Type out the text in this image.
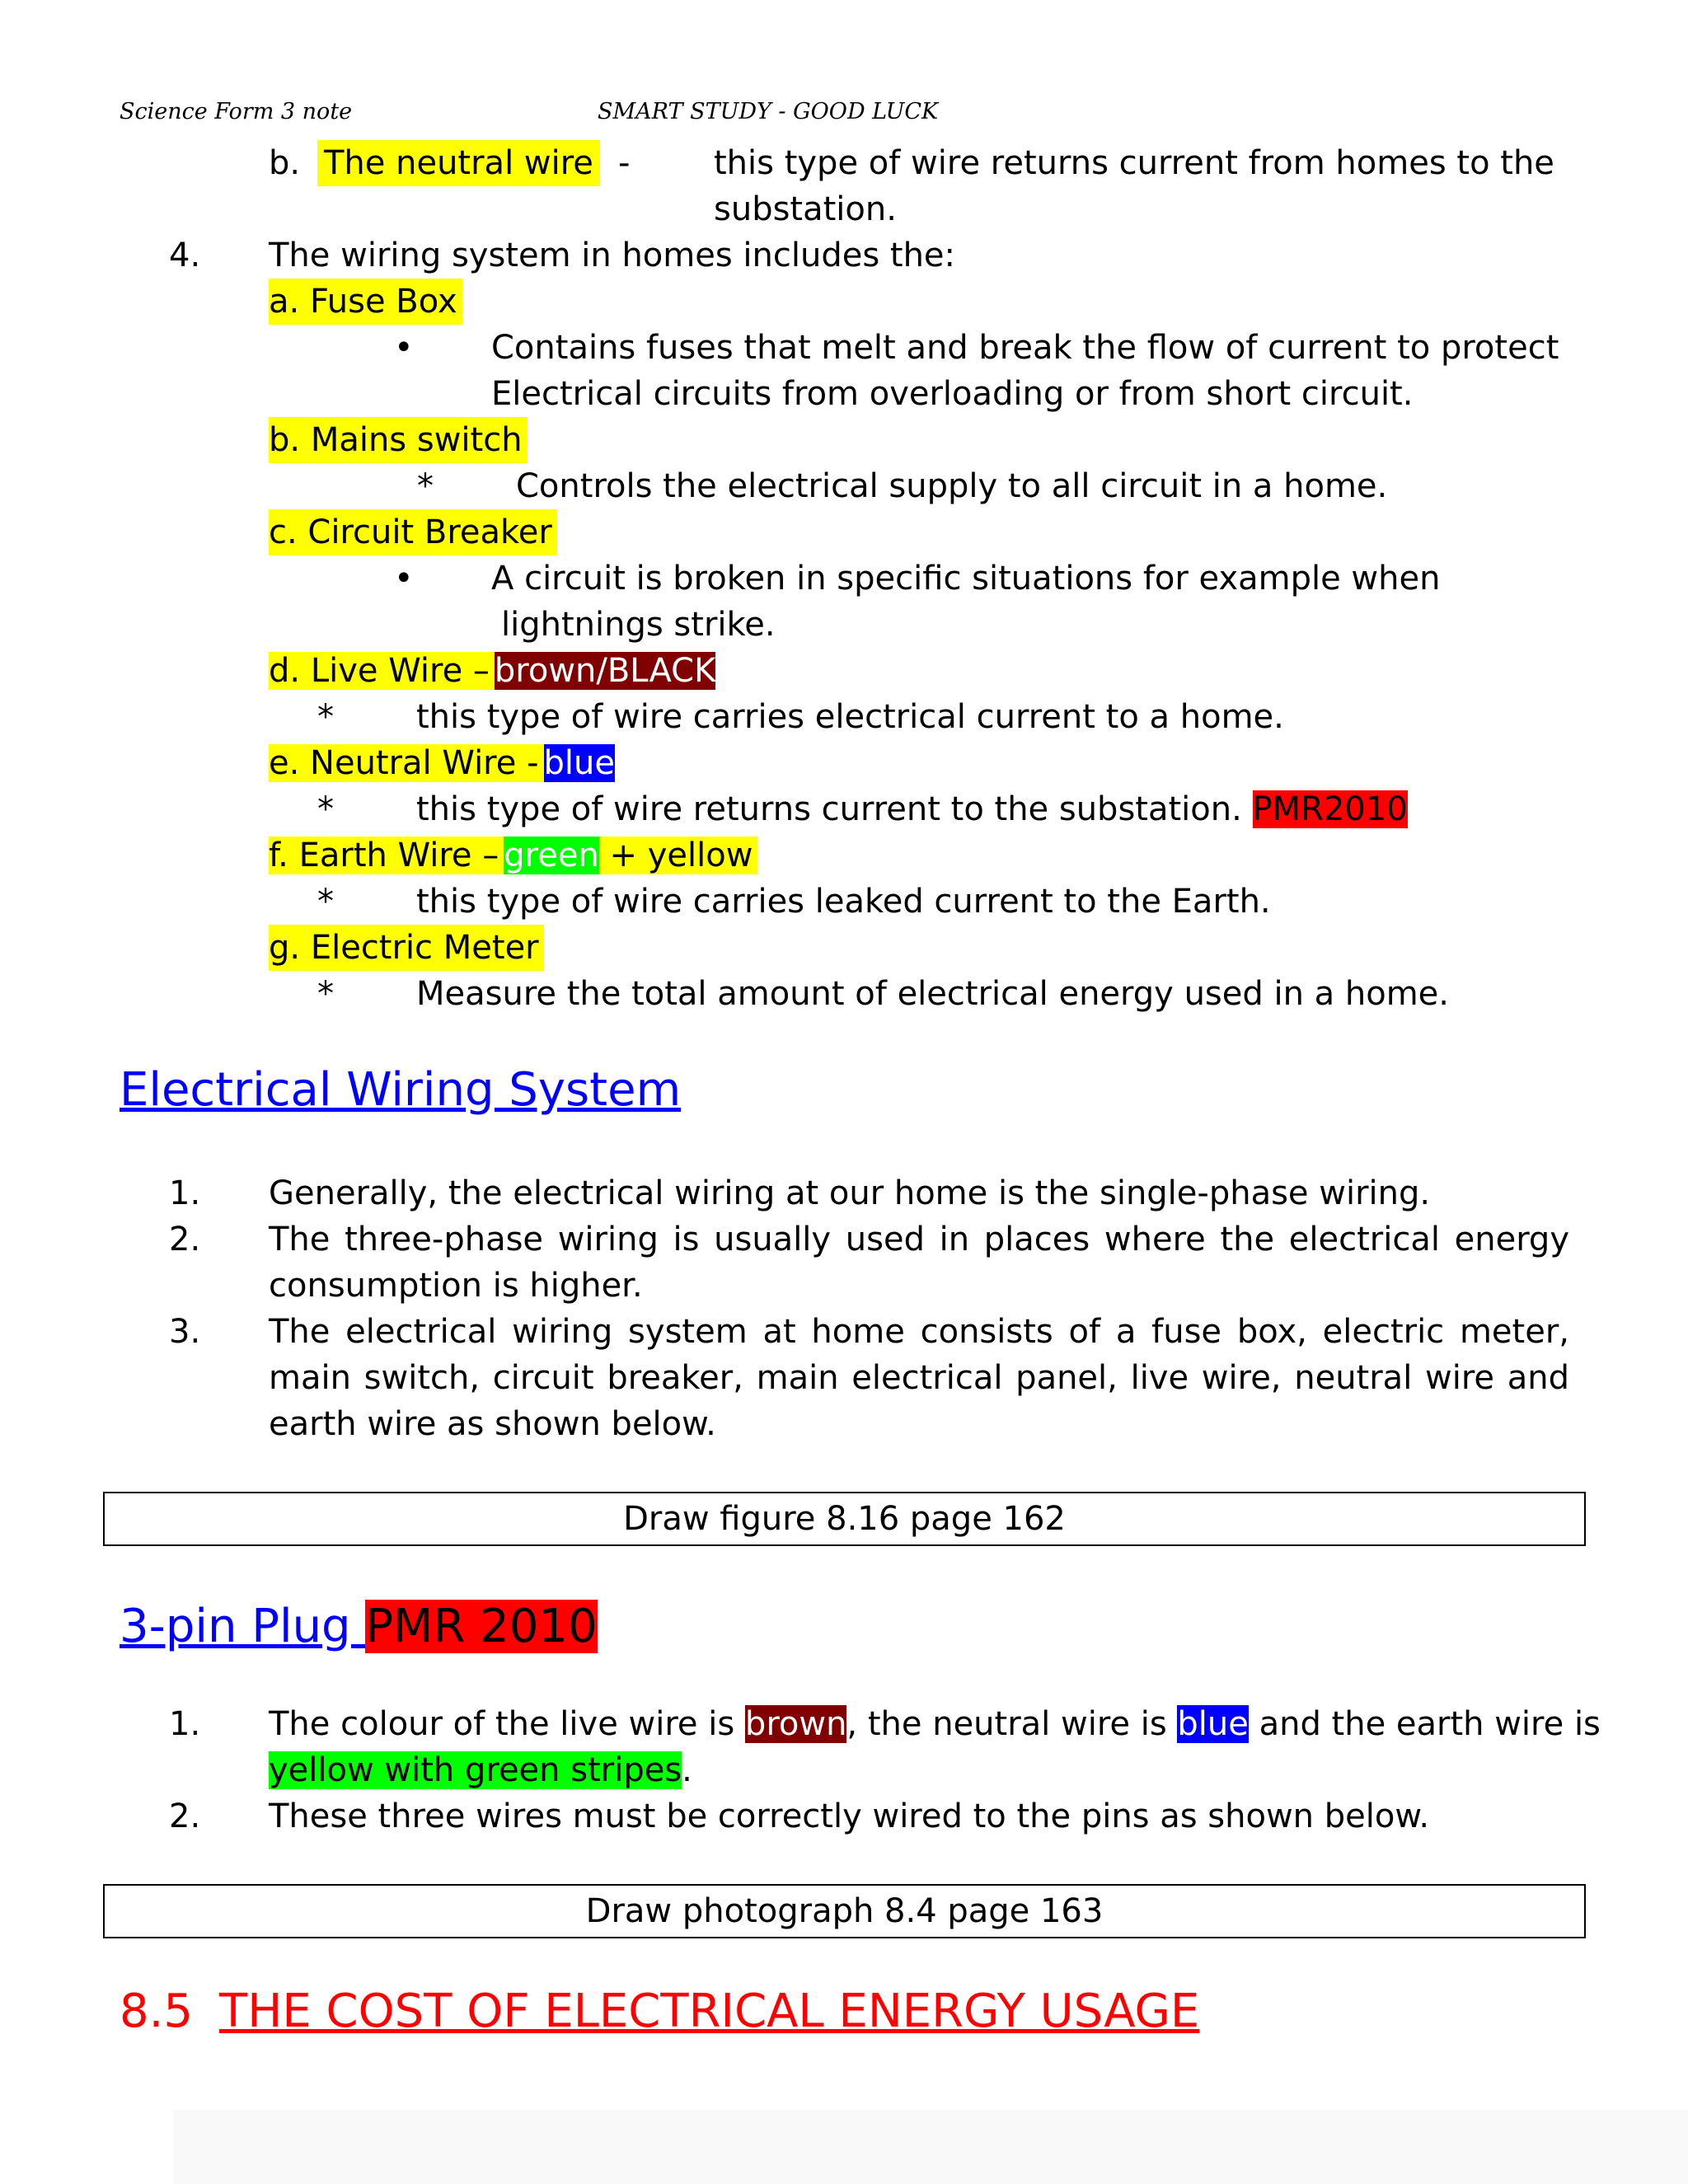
Science Form 3 note	SMART STUDY - GOOD LUCK
b. The neutral wire -	this type of wire returns current from homes to the
substation.
4. The wiring system in homes includes the:
a. Fuse Box
• Contains fuses that melt and break the flow of current to protect
Electrical circuits from overloading or from short circuit.
b. Mains switch
*	Controls the electrical supply to all circuit in a home.
c. Circuit Breaker
• A circuit is broken in specific situations for example when
lightnings strike.
d. Live Wire – brown/BLACK
*	this type of wire carries electrical current to a home.
e. Neutral Wire - blue
*	this type of wire returns current to the substation. PMR2010
f. Earth Wire – green + yellow
*	this type of wire carries leaked current to the Earth.
g. Electric Meter
*	Measure the total amount of electrical energy used in a home.
Electrical Wiring System
1. Generally, the electrical wiring at our home is the single-phase wiring.
2. The three-phase wiring is usually used in places where the electrical energy consumption is higher.
3. The electrical wiring system at home consists of a fuse box, electric meter, main switch, circuit breaker, main electrical panel, live wire, neutral wire and earth wire as shown below.
Draw figure 8.16 page 162
3-pin Plug PMR 2010
1. The colour of the live wire is brown, the neutral wire is blue and the earth wire is
yellow with green stripes.
2. These three wires must be correctly wired to the pins as shown below.
Draw photograph 8.4 page 163
8.5 THE COST OF ELECTRICAL ENERGY USAGE
